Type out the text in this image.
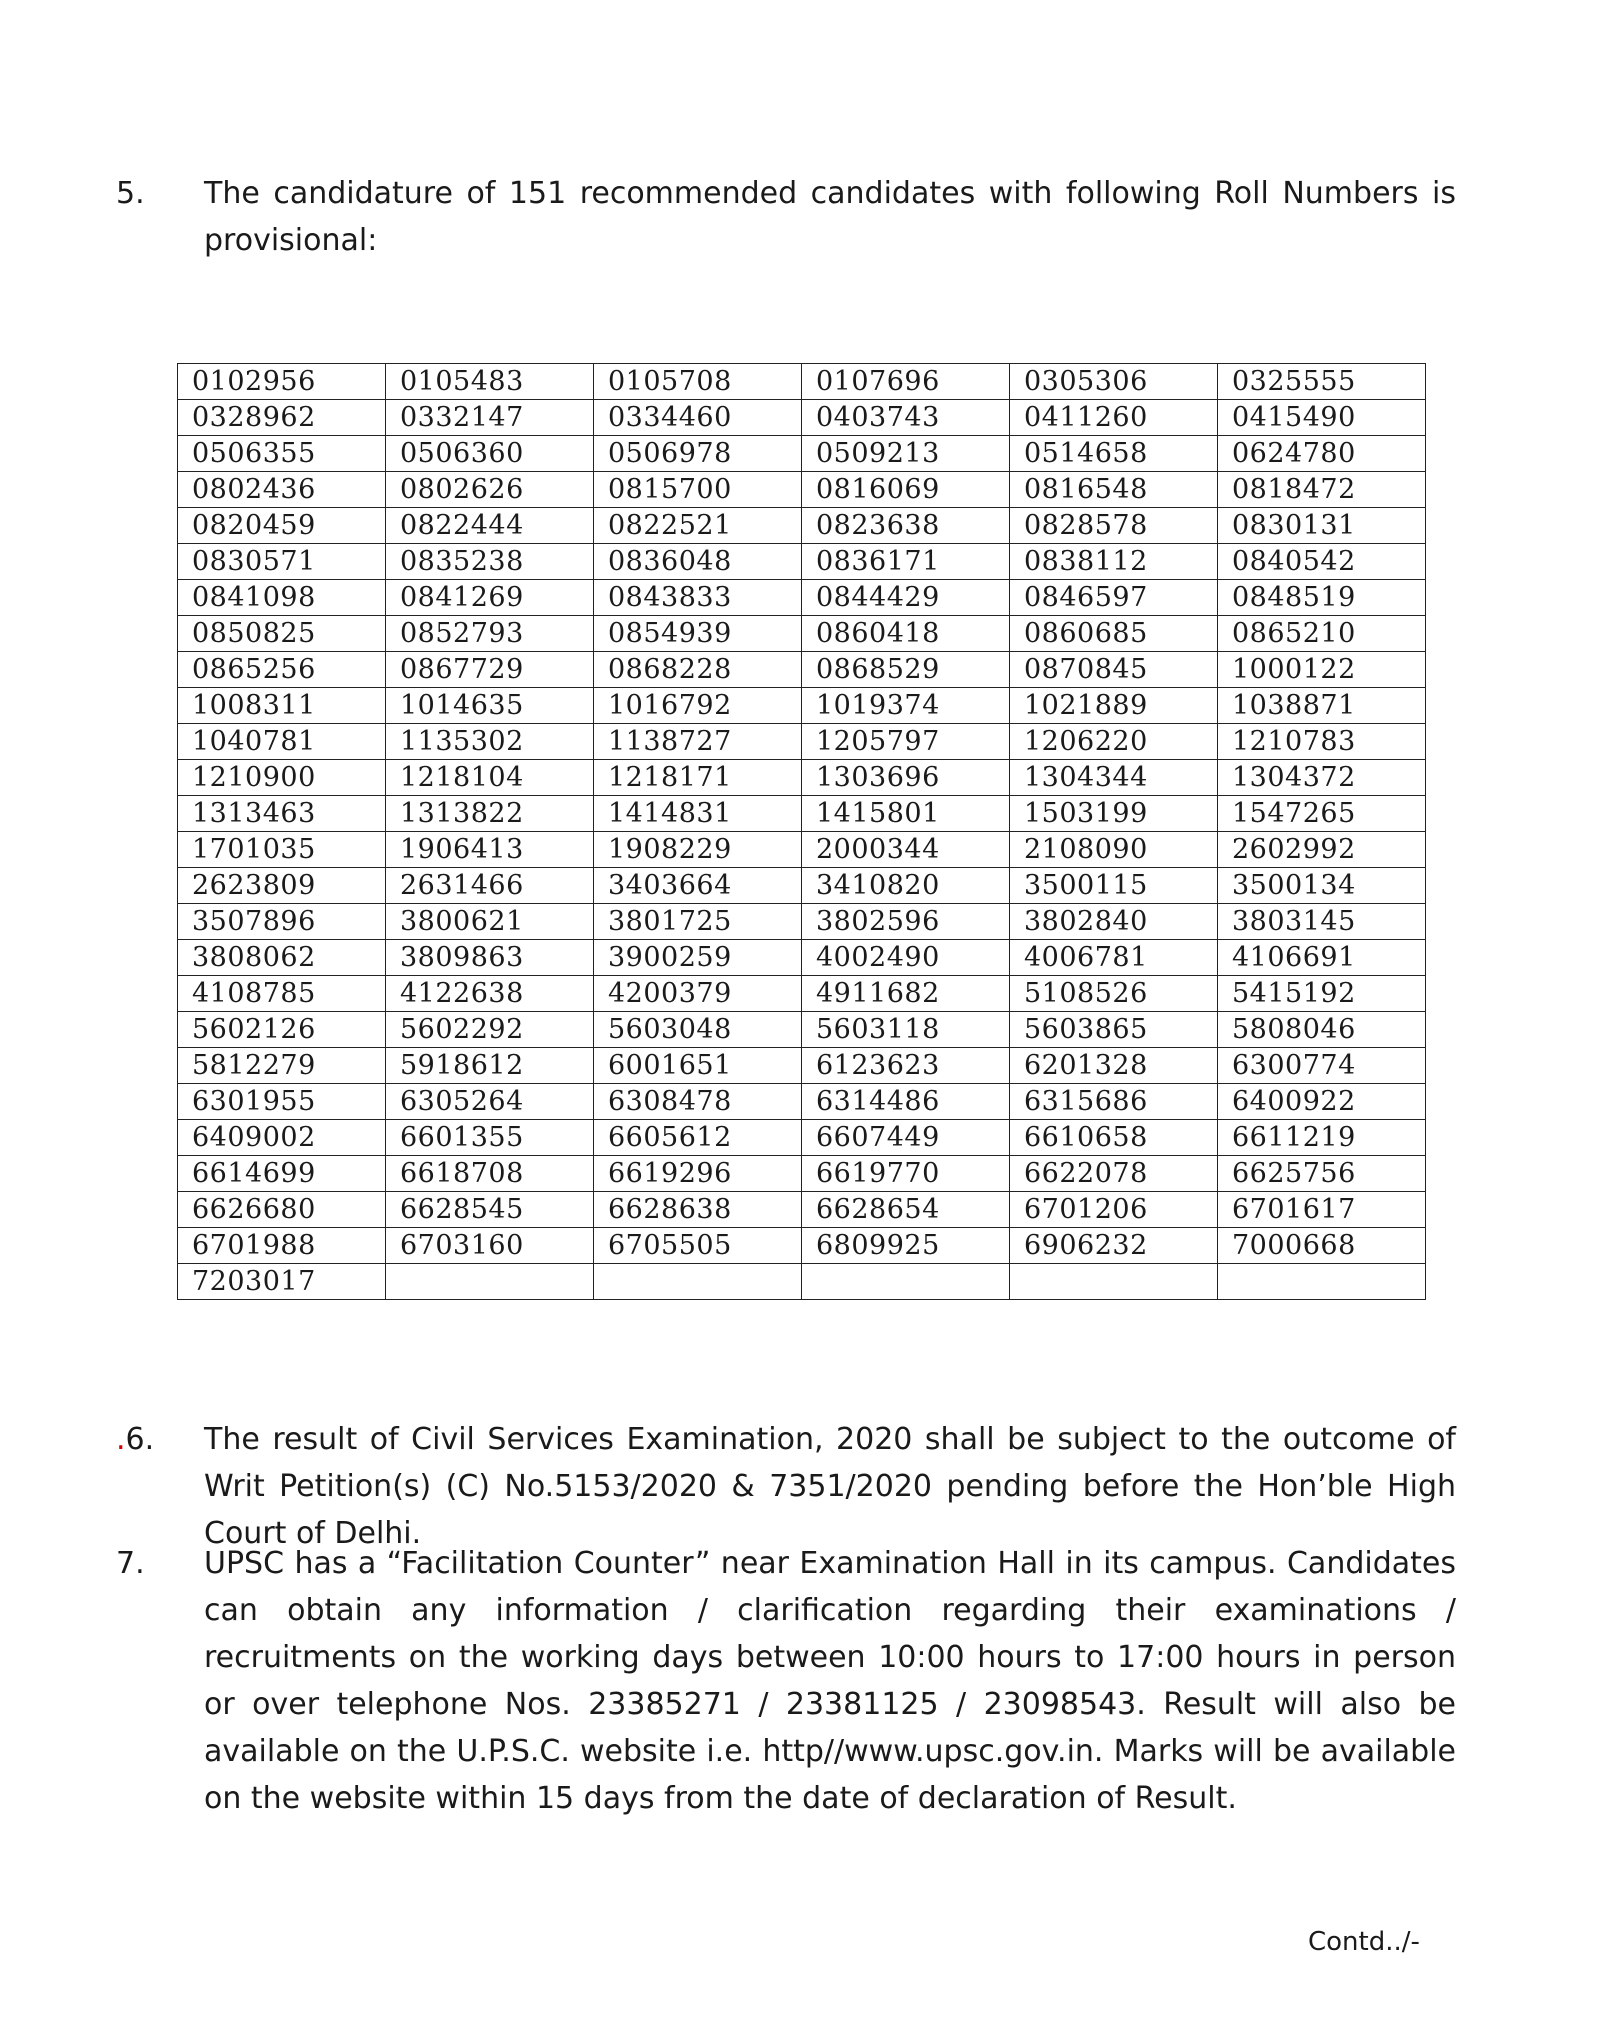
5.	The candidature of 151 recommended candidates with following Roll Numbers is provisional:
0102956	0105483	0105708	0107696	0305306	0325555
0328962	0332147	0334460	0403743	0411260	0415490
0506355	0506360	0506978	0509213	0514658	0624780
0802436	0802626	0815700	0816069	0816548	0818472
0820459	0822444	0822521	0823638	0828578	0830131
0830571	0835238	0836048	0836171	0838112	0840542
0841098	0841269	0843833	0844429	0846597	0848519
0850825	0852793	0854939	0860418	0860685	0865210
0865256	0867729	0868228	0868529	0870845	1000122
1008311	1014635	1016792	1019374	1021889	1038871
1040781	1135302	1138727	1205797	1206220	1210783
1210900	1218104	1218171	1303696	1304344	1304372
1313463	1313822	1414831	1415801	1503199	1547265
1701035	1906413	1908229	2000344	2108090	2602992
2623809	2631466	3403664	3410820	3500115	3500134
3507896	3800621	3801725	3802596	3802840	3803145
3808062	3809863	3900259	4002490	4006781	4106691
4108785	4122638	4200379	4911682	5108526	5415192
5602126	5602292	5603048	5603118	5603865	5808046
5812279	5918612	6001651	6123623	6201328	6300774
6301955	6305264	6308478	6314486	6315686	6400922
6409002	6601355	6605612	6607449	6610658	6611219
6614699	6618708	6619296	6619770	6622078	6625756
6626680	6628545	6628638	6628654	6701206	6701617
6701988	6703160	6705505	6809925	6906232	7000668
7203017					
.6.	The result of Civil Services Examination, 2020 shall be subject to the outcome of Writ Petition(s) (C) No.5153/2020 & 7351/2020 pending before the Hon’ble High Court of Delhi.
7.	UPSC has a “Facilitation Counter” near Examination Hall in its campus. Candidates can obtain any information / clarification regarding their examinations / recruitments on the working days between 10:00 hours to 17:00 hours in person or over telephone Nos. 23385271 / 23381125 / 23098543. Result will also be available on the U.P.S.C. website i.e. http//www.upsc.gov.in. Marks will be available on the website within 15 days from the date of declaration of Result.
Contd../-
